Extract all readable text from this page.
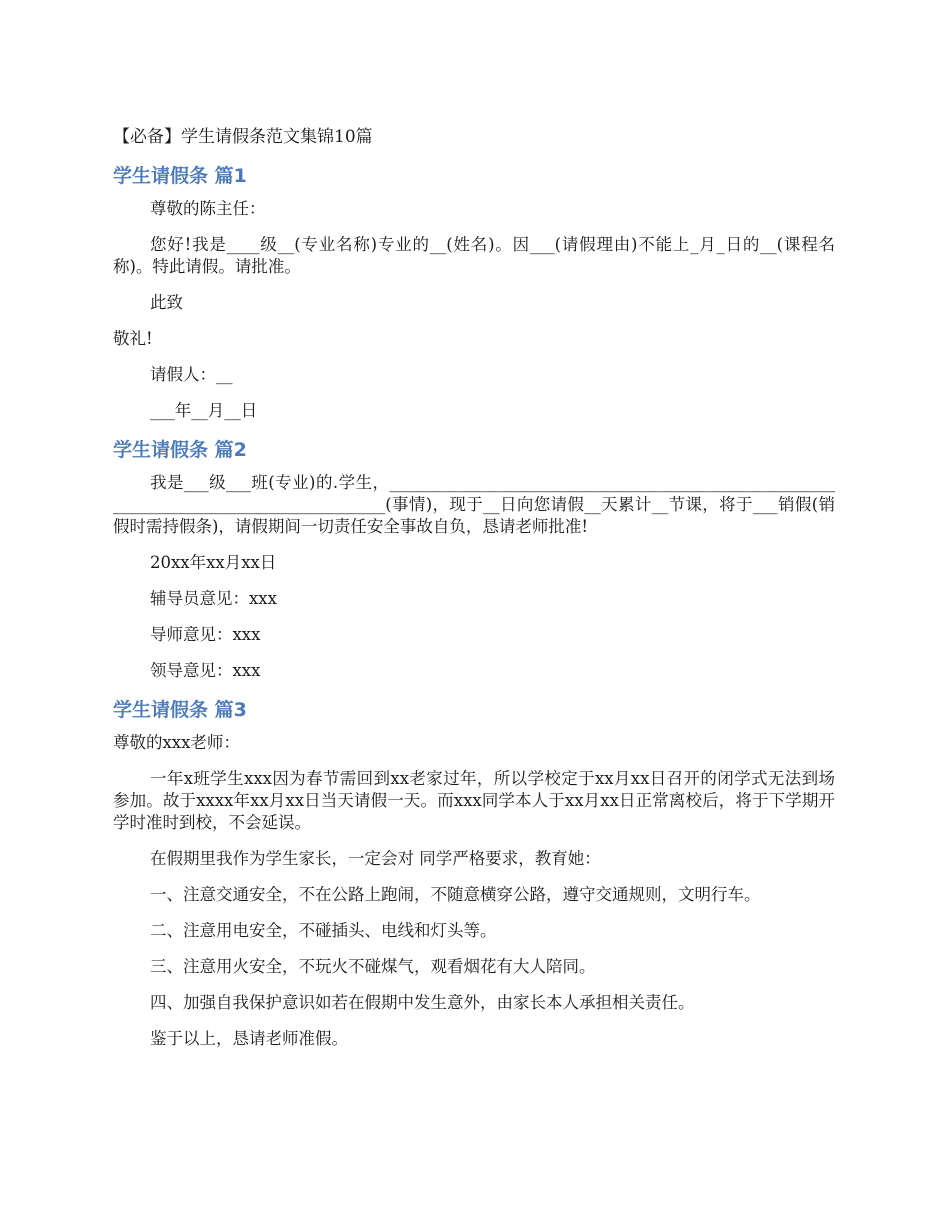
【必备】学生请假条范文集锦10篇
学生请假条 篇1

尊敬的陈主任：

您好!我是____级__(专业名称)专业的__(姓名)。因___(请假理由)不能上_月_日的__(课程名称)。特此请假。请批准。

此致

敬礼!

请假人：__

___年__月__日

学生请假条 篇2

我是___级___班(专业)的.学生，_______________________________________________________________________________________(事情)，现于__日向您请假__天累计__节课，将于___销假(销假时需持假条)，请假期间一切责任安全事故自负，恳请老师批准!

20xx年xx月xx日

辅导员意见：xxx

导师意见：xxx

领导意见：xxx

学生请假条 篇3

尊敬的xxx老师：

一年x班学生xxx因为春节需回到xx老家过年，所以学校定于xx月xx日召开的闭学式无法到场参加。故于xxxx年xx月xx日当天请假一天。而xxx同学本人于xx月xx日正常离校后，将于下学期开学时准时到校，不会延误。

在假期里我作为学生家长，一定会对 同学严格要求，教育她：

一、注意交通安全，不在公路上跑闹，不随意横穿公路，遵守交通规则，文明行车。

二、注意用电安全，不碰插头、电线和灯头等。

三、注意用火安全，不玩火不碰煤气，观看烟花有大人陪同。

四、加强自我保护意识如若在假期中发生意外，由家长本人承担相关责任。

鉴于以上，恳请老师准假。
